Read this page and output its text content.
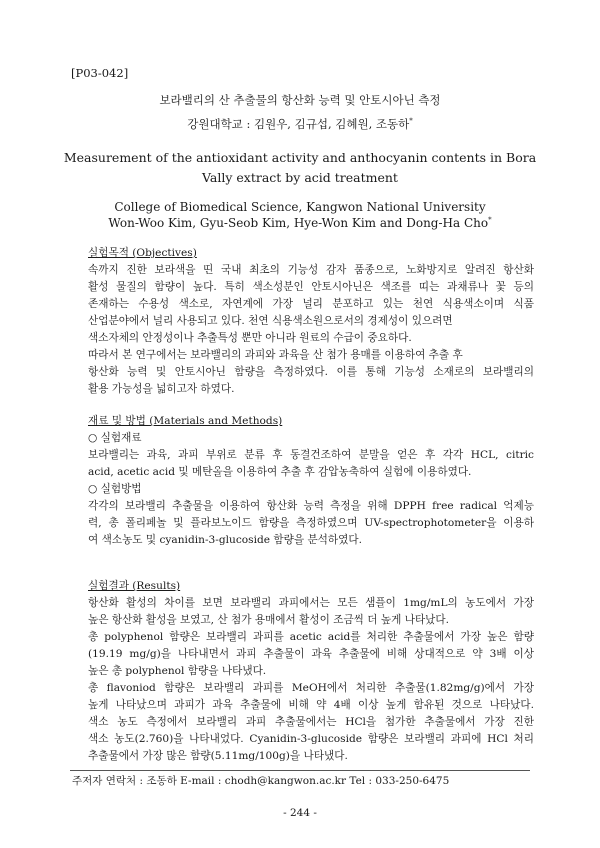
[P03-042]
보라밸리의 산 추출물의 항산화 능력 및 안토시아닌 측정
강원대학교 : 김원우, 김규섭, 김혜원, 조동하*
Measurement of the antioxidant activity and anthocyanin contents in Bora Vally extract by acid treatment
College of Biomedical Science, Kangwon National University
Won-Woo Kim, Gyu-Seob Kim, Hye-Won Kim and Dong-Ha Cho*
실험목적 (Objectives)
속까지 진한 보라색을 띤 국내 최초의 기능성 감자 품종으로, 노화방지로 알려진 항산화
활성 물질의 함량이 높다. 특히 색소성분인 안토시아닌은 색조를 띠는 과채류나 꽃 등의
존재하는 수용성 색소로, 자연계에 가장 널리 분포하고 있는 천연 식용색소이며 식품
산업분야에서 널리 사용되고 있다. 천연 식용색소원으로서의 경제성이 있으려면
색소자체의 안정성이나 추출특성 뿐만 아니라 원료의 수급이 중요하다.
따라서 본 연구에서는 보라밸리의 과피와 과육을 산 첨가 용매를 이용하여 추출 후
항산화 능력 및 안토시아닌 함량을 측정하였다. 이를 통해 기능성 소재로의 보라밸리의
활용 가능성을 넓히고자 하였다.
재료 및 방법 (Materials and Methods)
○ 실험재료
보라밸리는 과육, 과피 부위로 분류 후 동결건조하여 분말을 얻은 후 각각 HCL, citric
acid, acetic acid 및 메탄올을 이용하여 추출 후 감압농축하여 실험에 이용하였다.
○ 실험방법
각각의 보라밸리 추출물을 이용하여 항산화 능력 측정을 위해 DPPH free radical 억제능
력, 총 폴리페놀 및 플라보노이드 함량을 측정하였으며 UV-spectrophotometer을 이용하
여 색소농도 및 cyanidin-3-glucoside 함량을 분석하였다.
실험결과 (Results)
항산화 활성의 차이를 보면 보라밸리 과피에서는 모든 샘플이 1mg/mL의 농도에서 가장
높은 항산화 활성을 보였고, 산 첨가 용매에서 활성이 조금씩 더 높게 나타났다.
총 polyphenol 함량은 보라밸리 과피를 acetic acid를 처리한 추출물에서 가장 높은 함량
(19.19 mg/g)을 나타내면서 과피 추출물이 과육 추출물에 비해 상대적으로 약 3배 이상
높은 총 polyphenol 함량을 나타냈다.
총 flavoniod 함량은 보라밸리 과피를 MeOH에서 처리한 추출물(1.82mg/g)에서 가장
높게 나타났으며 과피가 과육 추출물에 비해 약 4배 이상 높게 함유된 것으로 나타났다.
색소 농도 측정에서 보라밸리 과피 추출물에서는 HCl을 첨가한 추출물에서 가장 진한
색소 농도(2.760)을 나타내었다. Cyanidin-3-glucoside 함량은 보라밸리 과피에 HCl 처리
추출물에서 가장 많은 함량(5.11mg/100g)을 나타냈다.
주저자 연락처 : 조동하 E-mail : chodh@kangwon.ac.kr Tel : 033-250-6475
- 244 -
